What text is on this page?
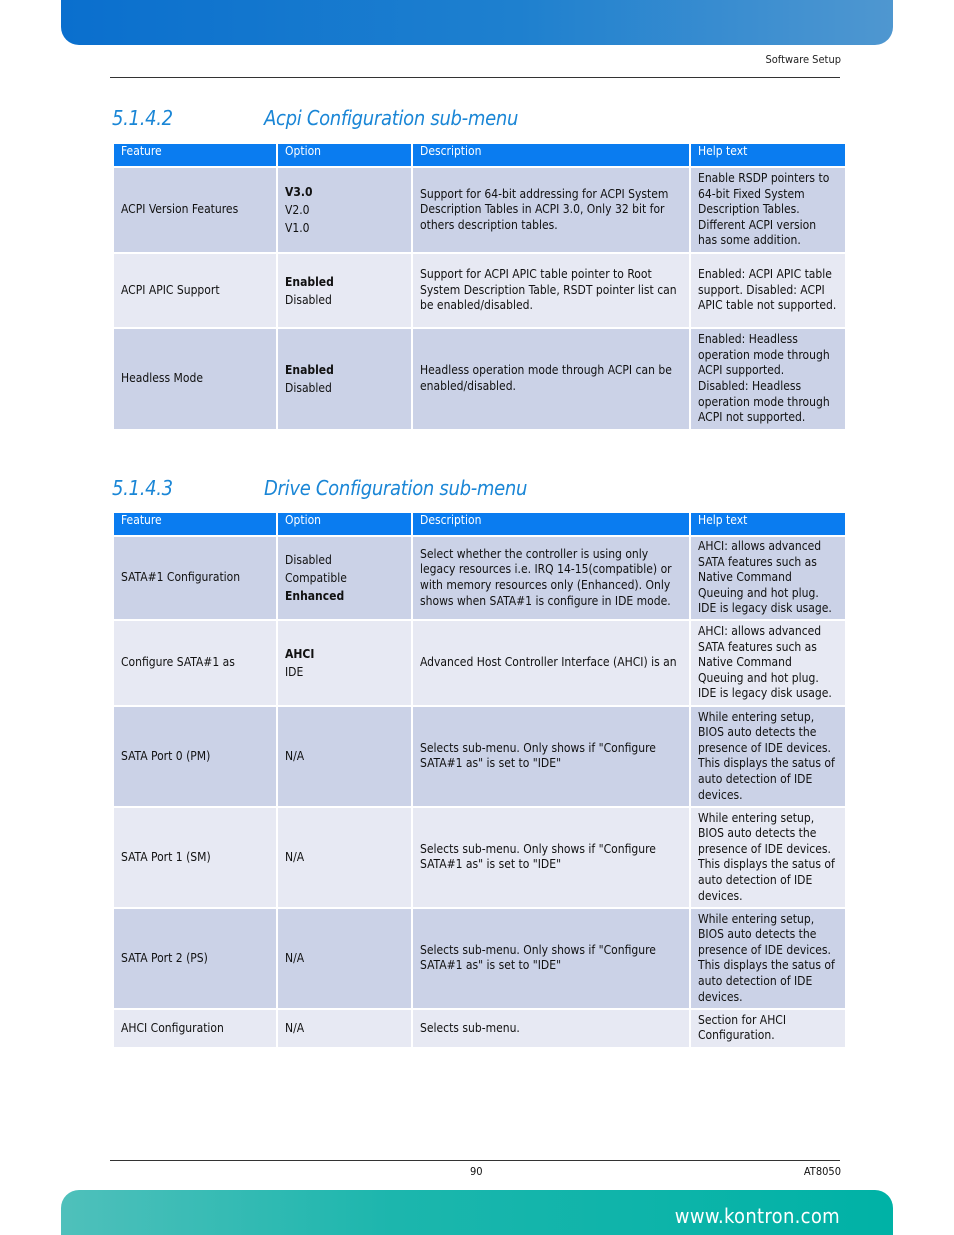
Software Setup
5.1.4.2	Acpi Configuration sub-menu
Feature	Option	Description	Help text
ACPI Version Features	V3.0
V2.0
V1.0	Support for 64-bit addressing for ACPI System Description Tables in ACPI 3.0, Only 32 bit for others description tables.	Enable RSDP pointers to 64-bit Fixed System Description Tables. Different ACPI version has some addition.
ACPI APIC Support	Enabled
Disabled	Support for ACPI APIC table pointer to Root System Description Table, RSDT pointer list can be enabled/disabled.	Enabled: ACPI APIC table support. Disabled: ACPI APIC table not supported.
Headless Mode	Enabled
Disabled	Headless operation mode through ACPI can be enabled/disabled.	Enabled: Headless operation mode through ACPI supported. Disabled: Headless operation mode through ACPI not supported.
5.1.4.3	Drive Configuration sub-menu
Feature	Option	Description	Help text
SATA#1 Configuration	Disabled
Compatible
Enhanced	Select whether the controller is using only legacy resources i.e. IRQ 14-15(compatible) or with memory resources only (Enhanced). Only shows when SATA#1 is configure in IDE mode.	AHCI: allows advanced SATA features such as Native Command Queuing and hot plug. IDE is legacy disk usage.
Configure SATA#1 as	AHCI
IDE	Advanced Host Controller Interface (AHCI) is an	AHCI: allows advanced SATA features such as Native Command Queuing and hot plug. IDE is legacy disk usage.
SATA Port 0 (PM)	N/A	Selects sub-menu. Only shows if "Configure SATA#1 as" is set to "IDE"	While entering setup, BIOS auto detects the presence of IDE devices. This displays the satus of auto detection of IDE devices.
SATA Port 1 (SM)	N/A	Selects sub-menu. Only shows if "Configure SATA#1 as" is set to "IDE"	While entering setup, BIOS auto detects the presence of IDE devices. This displays the satus of auto detection of IDE devices.
SATA Port 2 (PS)	N/A	Selects sub-menu. Only shows if "Configure SATA#1 as" is set to "IDE"	While entering setup, BIOS auto detects the presence of IDE devices. This displays the satus of auto detection of IDE devices.
AHCI Configuration	N/A	Selects sub-menu.	Section for AHCI Configuration.
90	AT8050
www.kontron.com
